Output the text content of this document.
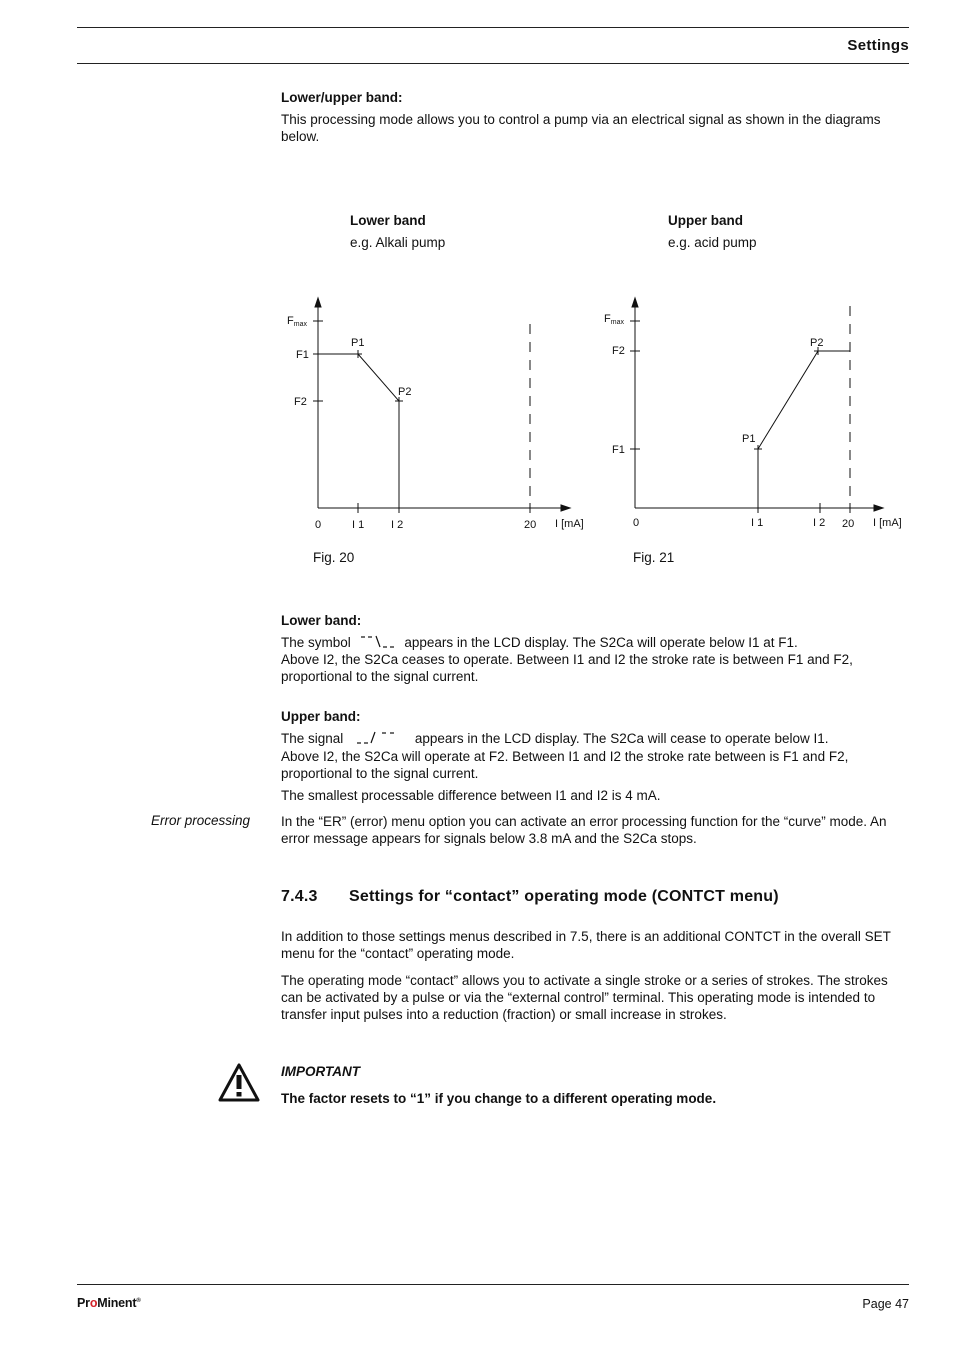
Settings
Lower/upper band:
This processing mode allows you to control a pump via an electrical signal as shown in the diagrams below.
Lower band
e.g. Alkali pump
Upper band
e.g. acid pump
Fmax
F1
F2
P1
P2
0	I 1 I 2	20 I [mA]
Fig. 20
Fmax
F2
F1
P2
P1
0	I 1	I 2 20 I [mA]
Fig. 21
Lower band:
The symbol	appears in the LCD display. The S2Ca will operate below I1 at F1.
Above I2, the S2Ca ceases to operate. Between I1 and I2 the stroke rate is between F1 and F2, proportional to the signal current.
Upper band:
The signal	appears in the LCD display. The S2Ca will cease to operate below I1.
Above I2, the S2Ca will operate at F2. Between I1 and I2 the stroke rate between is F1 and F2, proportional to the signal current.
The smallest processable difference between I1 and I2 is 4 mA.
Error processing In the “ER” (error) menu option you can activate an error processing function for the “curve” mode. An error message appears for signals below 3.8 mA and the S2Ca stops.
7.4.3 Settings for “contact” operating mode (CONTCT menu)
In addition to those settings menus described in 7.5, there is an additional CONTCT in the overall SET menu for the “contact” operating mode.
The operating mode “contact” allows you to activate a single stroke or a series of strokes. The strokes can be activated by a pulse or via the “external control” terminal. This operating mode is intended to transfer input pulses into a reduction (fraction) or small increase in strokes.
IMPORTANT
The factor resets to “1” if you change to a different operating mode.
ProMinent®	Page 47
